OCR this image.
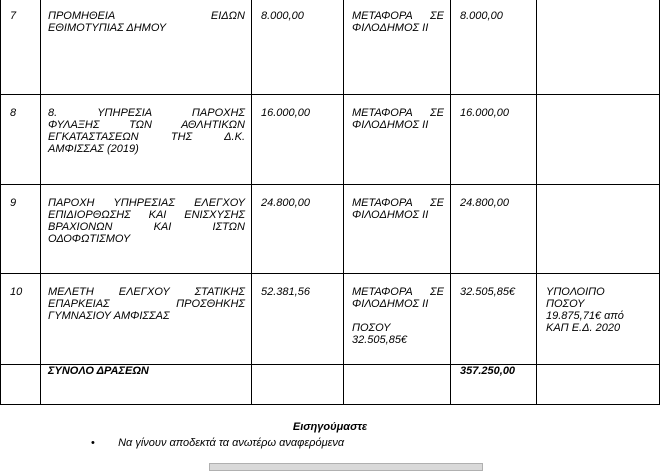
7	ΠΡΟΜΗΘΕΙΑ ΕΙΔΩΝ
ΕΘΙΜΟΤΥΠΙΑΣ ΔΗΜΟΥ	8.000,00	ΜΕΤΑΦΟΡΑ ΣΕ
ΦΙΛΟΔΗΜΟΣ ΙΙ	8.000,00	
8	8. ΥΠΗΡΕΣΙΑ ΠΑΡΟΧΗΣ
ΦΥΛΑΞΗΣ ΤΩΝ ΑΘΛΗΤΙΚΩΝ
ΕΓΚΑΤΑΣΤΑΣΕΩΝ ΤΗΣ Δ.Κ.
ΑΜΦΙΣΣΑΣ (2019)	16.000,00	ΜΕΤΑΦΟΡΑ ΣΕ
ΦΙΛΟΔΗΜΟΣ ΙΙ	16.000,00	
9	ΠΑΡΟΧΗ ΥΠΗΡΕΣΙΑΣ ΕΛΕΓΧΟΥ
ΕΠΙΔΙΟΡΘΩΣΗΣ ΚΑΙ ΕΝΙΣΧΥΣΗΣ
ΒΡΑΧΙΟΝΩΝ ΚΑΙ ΙΣΤΩΝ
ΟΔΟΦΩΤΙΣΜΟΥ	24.800,00	ΜΕΤΑΦΟΡΑ ΣΕ
ΦΙΛΟΔΗΜΟΣ ΙΙ	24.800,00	
10	ΜΕΛΕΤΗ ΕΛΕΓΧΟΥ ΣΤΑΤΙΚΗΣ
ΕΠΑΡΚΕΙΑΣ ΠΡΟΣΘΗΚΗΣ
ΓΥΜΝΑΣΙΟΥ ΑΜΦΙΣΣΑΣ	52.381,56	ΜΕΤΑΦΟΡΑ ΣΕ
ΦΙΛΟΔΗΜΟΣ ΙΙ
ΠΟΣΟΥ
32.505,85€	32.505,85€	ΥΠΟΛΟΙΠΟ
ΠΟΣΟΥ
19.875,71€ από
ΚΑΠ Ε.Δ. 2020

	ΣΥΝΟΛΟ ΔΡΑΣΕΩΝ			357.250,00	
Εισηγούμαστε
• Να γίνουν αποδεκτά τα ανωτέρω αναφερόμενα
